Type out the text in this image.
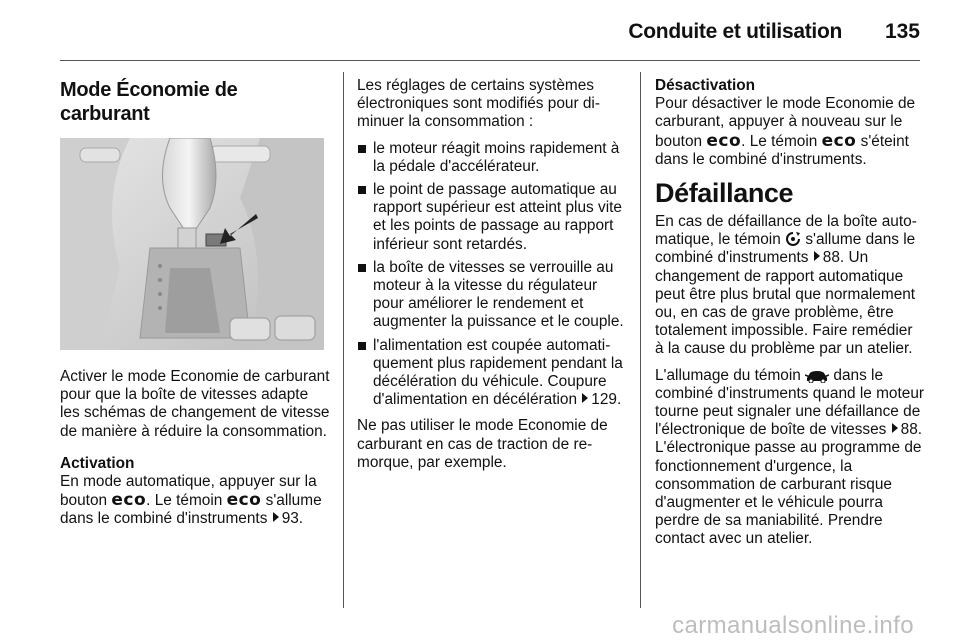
Conduite et utilisation 135
Mode Économie de carburant

Activer le mode Economie de carburant pour que la boîte de vitesses adapte les schémas de changement de vitesse de manière à réduire la consommation.

Activation

En mode automatique, appuyer sur la bouton eco. Le témoin eco s'allume dans le combiné d'instruments 93.

Les réglages de certains systèmes électroniques sont modifiés pour diminuer la consommation :

le moteur réagit moins rapidement à la pédale d'accélérateur.
le point de passage automatique au rapport supérieur est atteint plus vite et les points de passage au rapport inférieur sont retardés.
la boîte de vitesses se verrouille au moteur à la vitesse du régulateur pour améliorer le rendement et augmenter la puissance et le couple.
l'alimentation est coupée automatiquement plus rapidement pendant la décélération du véhicule. Coupure d'alimentation en décélération 129.

Ne pas utiliser le mode Economie de carburant en cas de traction de remorque, par exemple.

Désactivation

Pour désactiver le mode Economie de carburant, appuyer à nouveau sur le bouton eco. Le témoin eco s'éteint dans le combiné d'instruments.

Défaillance

En cas de défaillance de la boîte automatique, le témoin  s'allume dans le combiné d'instruments 88. Un changement de rapport automatique peut être plus brutal que normalement ou, en cas de grave problème, être totalement impossible. Faire remédier à la cause du problème par un atelier.

L'allumage du témoin  dans le combiné d'instruments quand le moteur tourne peut signaler une défaillance de l'électronique de boîte de vitesses 88. L'électronique passe au programme de fonctionnement d'urgence, la consommation de carburant risque d'augmenter et le véhicule pourra perdre de sa maniabilité. Prendre contact avec un atelier.

carmanualsonline.info
